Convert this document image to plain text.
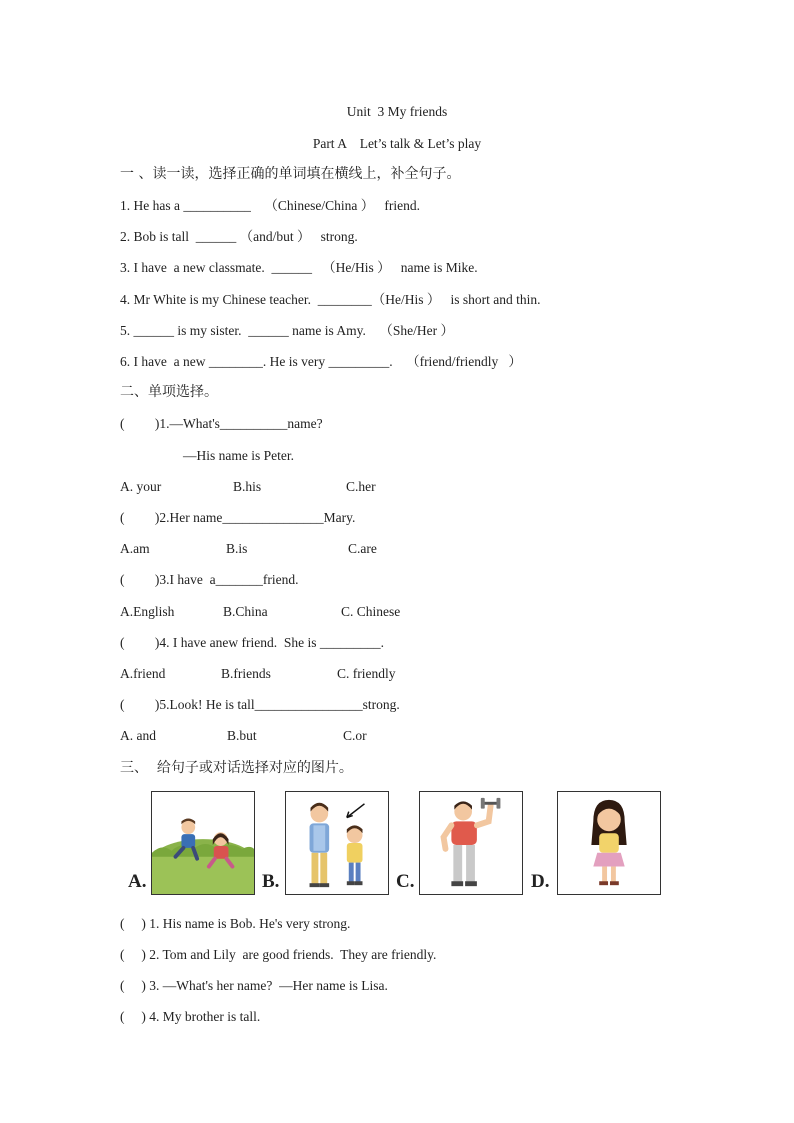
Unit  3 My friends
Part A    Let’s talk & Let’s play
一 、读一读，选择正确的单词填在横线上，补全句子。
1. He has a __________    （Chinese/China ）   friend.
2. Bob is tall  ______ （and/but ）   strong.
3. I have  a new classmate.  ______   （He/His ）   name is Mike.
4. Mr White is my Chinese teacher.  ________（He/His ）   is short and thin.
5. ______ is my sister.  ______ name is Amy.    （She/Her ）
6. I have  a new ________. He is very _________.    （friend/friendly   ）
二、单项选择。
(         )1.—What's__________name?
—His name is Peter.
A. your	B.his	C.her
(         )2.Her name_______________Mary.
A.am	B.is	C.are
(         )3.I have  a_______friend.
A.English	B.China	C. Chinese
(         )4. I have anew friend.  She is _________.
A.friend	B.friends	C. friendly
(         )5.Look! He is tall________________strong.
A. and	B.but	C.or
三、  给句子或对话选择对应的图片。
A.	B.	C.	D.
(     ) 1. His name is Bob. He's very strong.
(     ) 2. Tom and Lily  are good friends.  They are friendly.
(     ) 3. —What's her name?  —Her name is Lisa.
(     ) 4. My brother is tall.
